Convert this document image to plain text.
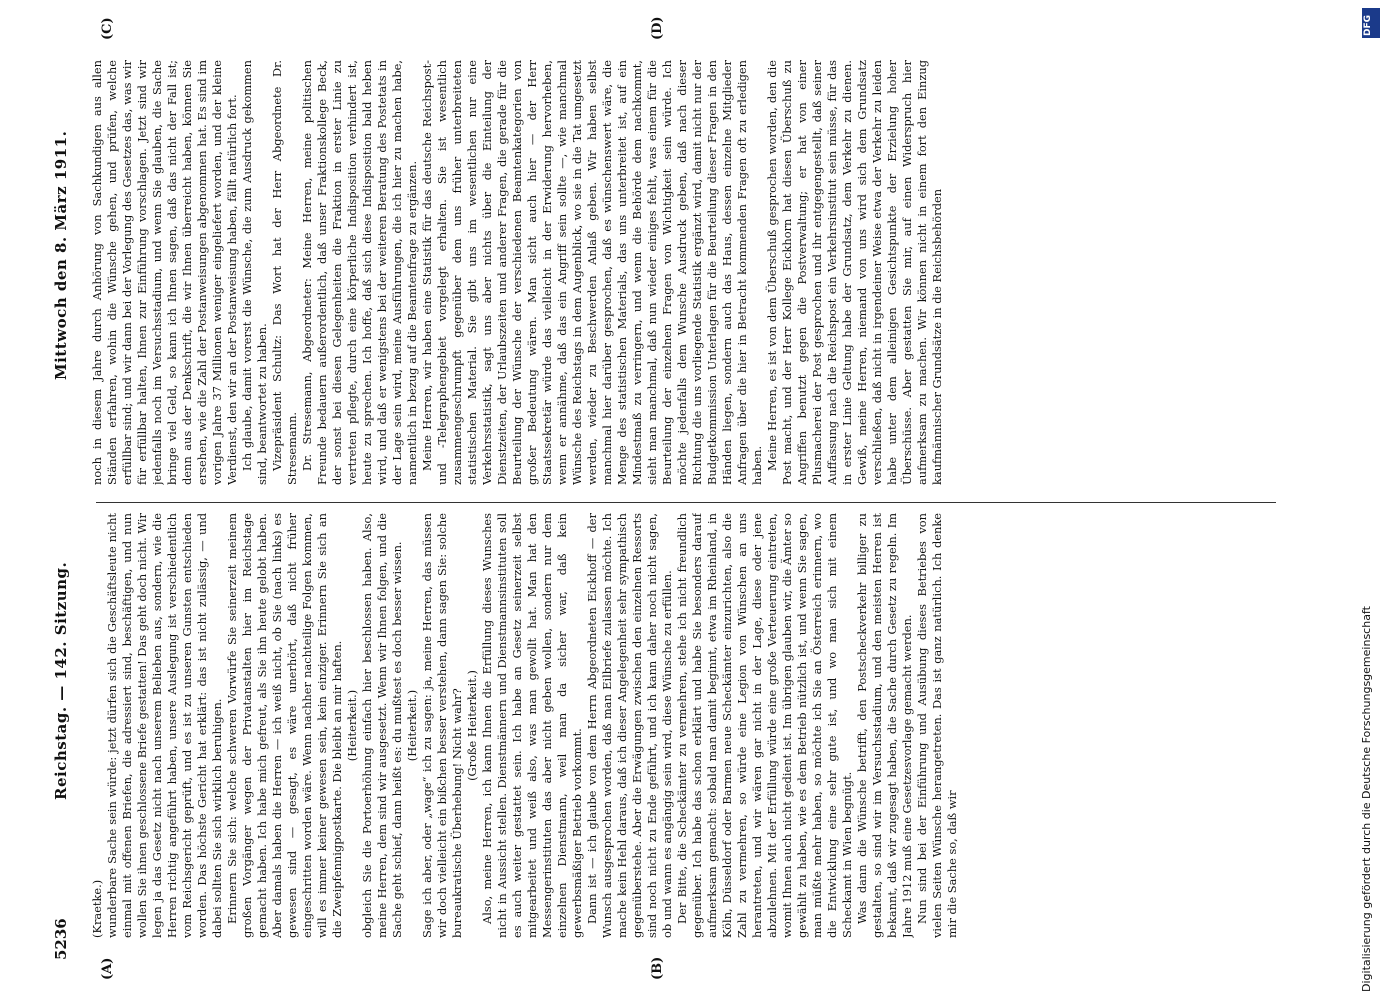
5236
Reichstag. — 142. Sitzung.
Mittwoch den 8. März 1911.
(A)	(B)
(C)	(D)

(Kraetke.) wunderbare Sache sein würde: jetzt dürfen sich die Geschäftsleute nicht einmal mit offenen Briefen, die adressiert sind, beschäftigen, und nun wollen Sie ihnen geschlossene Briefe gestatten! Das geht doch nicht. Wir legen ja das Gesetz nicht nach unserem Belieben aus, sondern, wie die Herren richtig angeführt haben, unsere Auslegung ist verschiedentlich vom Reichsgericht geprüft, und es ist zu unseren Gunsten entschieden worden. Das höchste Gericht hat erklärt: das ist nicht zulässig, — und dabei sollten Sie sich wirklich beruhigen. Erinnern Sie sich: welche schweren Vorwürfe Sie seinerzeit meinem großen Vorgänger wegen der Privatanstalten hier im Reichstage gemacht haben. Ich habe mich gefreut, als Sie ihn heute gelobt haben. Aber damals haben die Herren — ich weiß nicht, ob Sie (nach links) es gewesen sind — gesagt, es wäre unerhört, daß nicht früher eingeschritten worden wäre. Wenn nachher nachteilige Folgen kommen, will es immer keiner gewesen sein, kein einziger. Erinnern Sie sich an die Zweipfennigpostkarte. Die bleibt an mir haften. (Heiterkeit.) obgleich Sie die Portoerhöhung einfach hier beschlossen haben. Also, meine Herren, dem sind wir ausgesetzt. Wenn wir Ihnen folgen, und die Sache geht schief, dann heißt es: du mußtest es doch besser wissen. (Heiterkeit.) Sage ich aber, oder „wage“ ich zu sagen: ja, meine Herren, das müssen wir doch vielleicht ein bißchen besser verstehen, dann sagen Sie: solche bureaukratische Überhebung! Nicht wahr? (Große Heiterkeit.) Also, meine Herren, ich kann Ihnen die Erfüllung dieses Wunsches nicht in Aussicht stellen. Dienstmännern und Dienstmannsinstituten soll es auch weiter gestattet sein. Ich habe an Gesetz seinerzeit selbst mitgearbeitet und weiß also, was man gewollt hat. Man hat den Messengerinstituten das aber nicht geben wollen, sondern nur dem einzelnen Dienstmann, weil man da sicher war, daß kein gewerbsmäßiger Betrieb vorkommt. Dann ist — ich glaube von dem Herrn Abgeordneten Eickhoff — der Wunsch ausgesprochen worden, daß man Eilbriefe zulassen möchte. Ich mache kein Hehl daraus, daß ich dieser Angelegenheit sehr sympathisch gegenüberstehe. Aber die Erwägungen zwischen den einzelnen Ressorts sind noch nicht zu Ende geführt, und ich kann daher noch nicht sagen, ob und wann es angängig sein wird, diese Wünsche zu erfüllen. Der Bitte, die Scheckämter zu vermehren, stehe ich nicht freundlich gegenüber. Ich habe das schon erklärt und habe Sie besonders darauf aufmerksam gemacht: sobald man damit beginnt, etwa im Rheinland, in Köln, Düsseldorf oder Barmen neue Scheckämter einzurichten, also die Zahl zu vermehren, so würde eine Legion von Wünschen an uns herantreten, und wir wären gar nicht in der Lage, diese oder jene abzulehnen. Mit der Erfüllung würde eine große Verteuerung eintreten, womit Ihnen auch nicht gedient ist. Im übrigen glauben wir, die Ämter so gewählt zu haben, wie es dem Betrieb nützlich ist, und wenn Sie sagen, man müßte mehr haben, so möchte ich Sie an Österreich erinnern, wo die Entwicklung eine sehr gute ist, und wo man sich mit einem Scheckamt in Wien begnügt. Was dann die Wünsche betrifft, den Postscheckverkehr billiger zu gestalten, so sind wir im Versuchsstadium, und den meisten Herren ist bekannt, daß wir zugesagt haben, die Sache durch Gesetz zu regeln. Im Jahre 1912 muß eine Gesetzesvorlage gemacht werden. Nun sind bei der Einführung und Ausübung dieses Betriebes von vielen Seiten Wünsche herangetreten. Das ist ganz natürlich. Ich denke mir die Sache so, daß wir

noch in diesem Jahre durch Anhörung von Sachkundigen aus allen Ständen erfahren, wohin die Wünsche gehen, und prüfen, welche erfüllbar sind; und wir dann bei der Vorlegung des Gesetzes das, was wir für erfüllbar halten, Ihnen zur Einführung vorschlagen. Jetzt sind wir jedenfalls noch im Versuchsstadium, und wenn Sie glauben, die Sache bringe viel Geld, so kann ich Ihnen sagen, daß das nicht der Fall ist; denn aus der Denkschrift, die wir Ihnen überreicht haben, können Sie ersehen, wie die Zahl der Postanweisungen abgenommen hat. Es sind im vorigen Jahre 37 Millionen weniger eingeliefert worden, und der kleine Verdienst, den wir an der Postanweisung haben, fällt natürlich fort. Ich glaube, damit vorerst die Wünsche, die zum Ausdruck gekommen sind, beantwortet zu haben. Vizepräsident Schultz: Das Wort hat der Herr Abgeordnete Dr. Stresemann. Dr. Stresemann, Abgeordneter: Meine Herren, meine politischen Freunde bedauern außerordentlich, daß unser Fraktionskollege Beck, der sonst bei diesen Gelegenheiten die Fraktion in erster Linie zu vertreten pflegte, durch eine körperliche Indisposition verhindert ist, heute zu sprechen. Ich hoffe, daß sich diese Indisposition bald heben wird, und daß er wenigstens bei der weiteren Beratung des Postetats in der Lage sein wird, meine Ausführungen, die ich hier zu machen habe, namentlich in bezug auf die Beamtenfrage zu ergänzen. Meine Herren, wir haben eine Statistik für das deutsche Reichspost- und -Telegraphengebiet vorgelegt erhalten. Sie ist wesentlich zusammengeschrumpft gegenüber dem uns früher unterbreiteten statistischen Material. Sie gibt uns im wesentlichen nur eine Verkehrsstatistik, sagt uns aber nichts über die Einteilung der Dienstzeiten, der Urlaubszeiten und anderer Fragen, die gerade für die Beurteilung der Wünsche der verschiedenen Beamtenkategorien von großer Bedeutung wären. Man sicht auch hier — der Herr Staatssekretär würde das vielleicht in der Erwiderung hervorheben, wenn er annähme, daß das ein Angriff sein sollte —, wie manchmal Wünsche des Reichstags in dem Augenblick, wo sie in die Tat umgesetzt werden, wieder zu Beschwerden Anlaß geben. Wir haben selbst manchmal hier darüber gesprochen, daß es wünschenswert wäre, die Menge des statistischen Materials, das uns unterbreitet ist, auf ein Mindestmaß zu verringern, und wenn die Behörde dem nachkommt, sieht man manchmal, daß nun wieder einiges fehlt, was einem für die Beurteilung der einzelnen Fragen von Wichtigkeit sein würde. Ich möchte jedenfalls dem Wunsche Ausdruck geben, daß nach dieser Richtung die uns vorliegende Statistik ergänzt wird, damit nicht nur der Budgetkommission Unterlagen für die Beurteilung dieser Fragen in den Händen liegen, sondern auch das Haus, dessen einzelne Mitglieder Anfragen über die hier in Betracht kommenden Fragen oft zu erledigen haben. Meine Herren, es ist von dem Überschuß gesprochen worden, den die Post macht, und der Herr Kollege Eickhorn hat diesen Überschuß zu Angriffen benutzt gegen die Postverwaltung; er hat von einer Plusmacherei der Post gesprochen und ihr entgegengestellt, daß seiner Auffassung nach die Reichspost ein Verkehrsinstitut sein müsse, für das in erster Linie Geltung habe der Grundsatz, dem Verkehr zu dienen. Gewiß, meine Herren, niemand von uns wird sich dem Grundsatz verschließen, daß nicht in irgendeiner Weise etwa der Verkehr zu leiden habe unter dem alleinigen Gesichtspunkte der Erzielung hoher Überschüsse. Aber gestatten Sie mir, auf einen Widerspruch hier aufmerksam zu machen. Wir können nicht in einem fort den Einzug kaufmännischer Grundsätze in die Reichsbehörden

DFG
Digitalisierung gefördert durch die Deutsche Forschungsgemeinschaft
